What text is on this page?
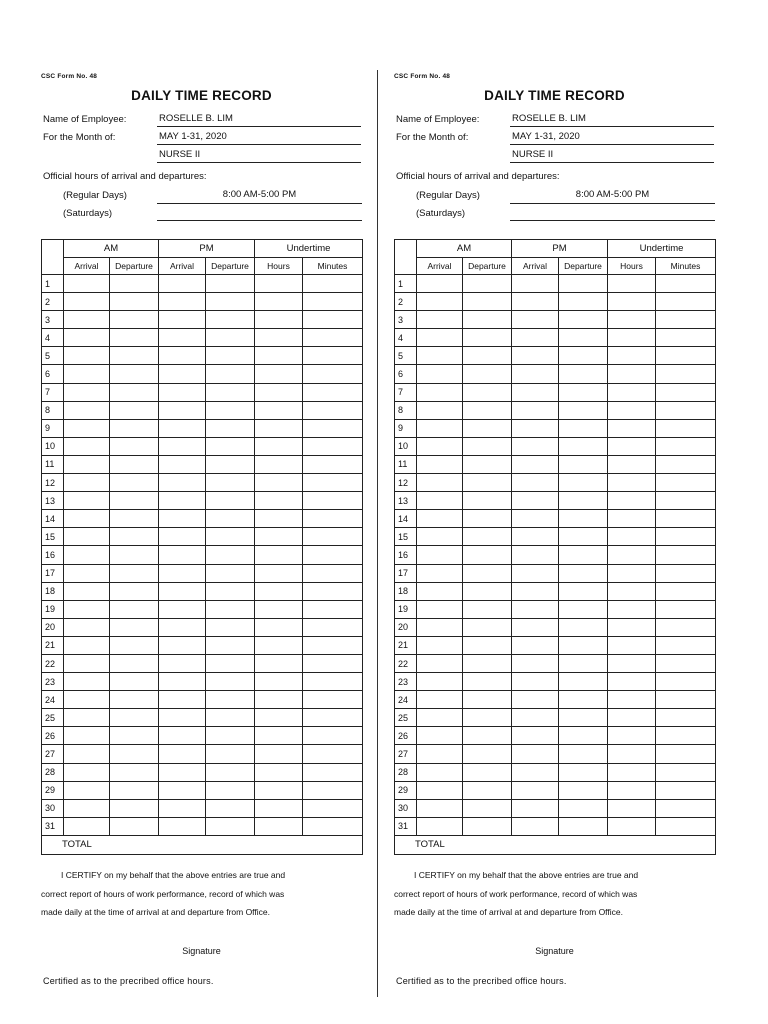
CSC Form No. 48
DAILY TIME RECORD
Name of Employee:	ROSELLE B. LIM
For the Month of:	MAY 1-31, 2020
NURSE II
Official hours of arrival and departures:
(Regular Days)	8:00 AM-5:00 PM
(Saturdays)
	AM		PM		Undertime	
	Arrival	Departure	Arrival	Departure	Hours	Minutes
1						
2						
3						
4						
5						
6						
7						
8						
9						
10						
11						
12						
13						
14						
15						
16						
17						
18						
19						
20						
21						
22						
23						
24						
25						
26						
27						
28						
29						
30						
31						
TOTAL						
I CERTIFY on my behalf that the above entries are true and
correct report of hours of work performance, record of which was
made daily at the time of arrival at and departure from Office.
Signature
Certified as to the precribed office hours.
CSC Form No. 48
DAILY TIME RECORD
Name of Employee:	ROSELLE B. LIM
For the Month of:	MAY 1-31, 2020
NURSE II
Official hours of arrival and departures:
(Regular Days)	8:00 AM-5:00 PM
(Saturdays)
	AM		PM		Undertime	
	Arrival	Departure	Arrival	Departure	Hours	Minutes
1						
2						
3						
4						
5						
6						
7						
8						
9						
10						
11						
12						
13						
14						
15						
16						
17						
18						
19						
20						
21						
22						
23						
24						
25						
26						
27						
28						
29						
30						
31						
TOTAL						
I CERTIFY on my behalf that the above entries are true and
correct report of hours of work performance, record of which was
made daily at the time of arrival at and departure from Office.
Signature
Certified as to the precribed office hours.
